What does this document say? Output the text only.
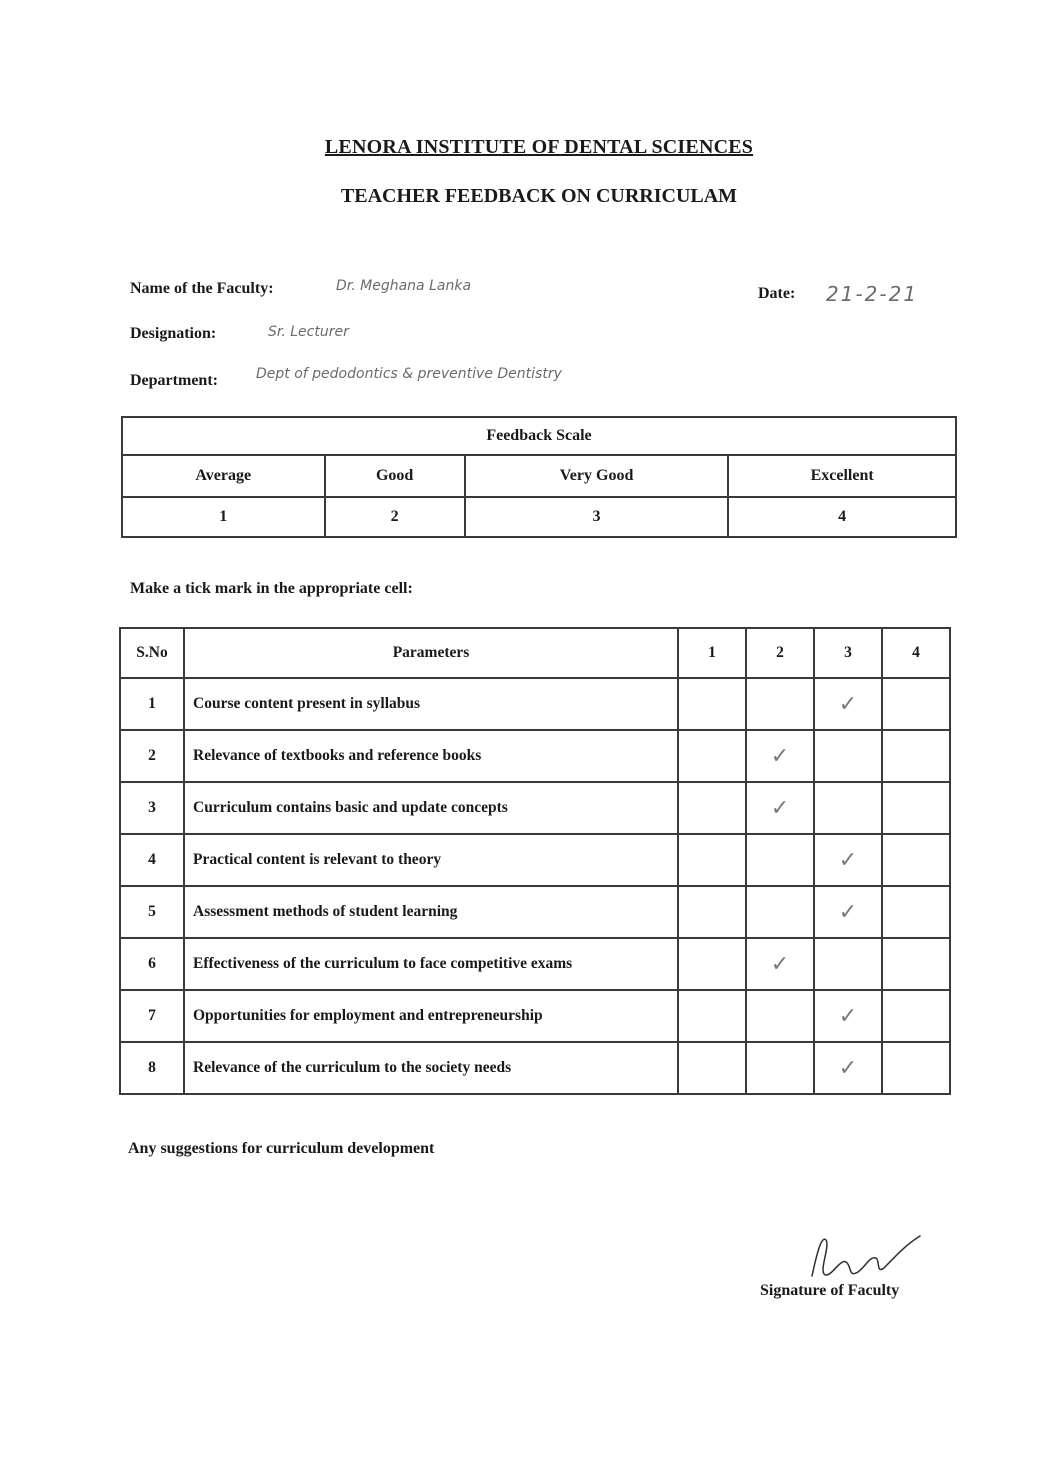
LENORA INSTITUTE OF DENTAL SCIENCES
TEACHER FEEDBACK ON CURRICULAM
Name of the Faculty:	Dr. Meghana Lanka	Date: 21-2-21
Designation:	Sr. Lecturer
Department:	Dept of pedodontics & preventive Dentistry
Feedback Scale			
Average	Good	Very Good	Excellent
1	2	3	4
Make a tick mark in the appropriate cell:
S.No	Parameters	1	2	3	4
1	Course content present in syllabus			✓	
2	Relevance of textbooks and reference books		✓		
3	Curriculum contains basic and update concepts		✓		
4	Practical content is relevant to theory			✓	
5	Assessment methods of student learning			✓	
6	Effectiveness of the curriculum to face competitive exams		✓		
7	Opportunities for employment and entrepreneurship			✓	
8	Relevance of the curriculum to the society needs			✓	
Any suggestions for curriculum development
Signature of Faculty
